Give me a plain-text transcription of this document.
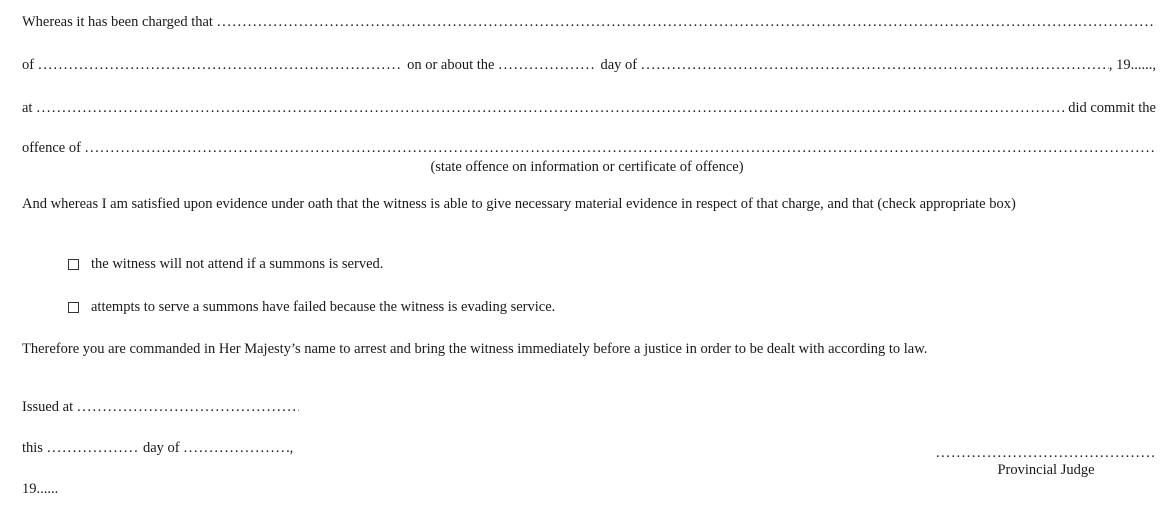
Whereas it has been charged that
.....
of .....	on or about the .....	day of .....	, 19......,
at .....	did commit the
offence of
.....
(state offence on information or certificate of offence)
And whereas I am satisfied upon evidence under oath that the witness is able to give necessary material evidence in respect of that charge, and that (check appropriate box)
the witness will not attend if a summons is served.
attempts to serve a summons have failed because the witness is evading service.
Therefore you are commanded in Her Majesty’s name to arrest and bring the witness immediately before a justice in order to be dealt with according to law.
Issued at
.....
this .....	day of .....	,
19......
.....
Provincial Judge
